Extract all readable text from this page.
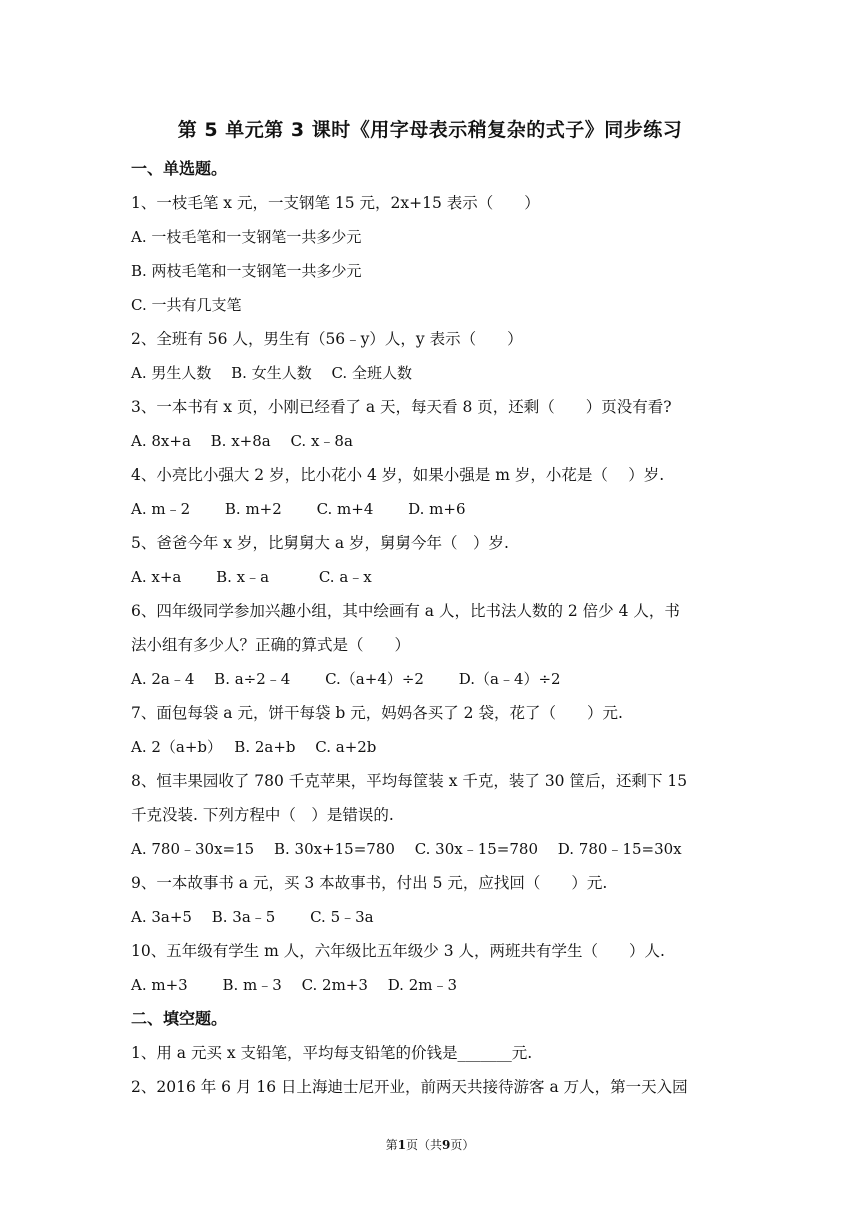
第 5 单元第 3 课时《用字母表示稍复杂的式子》同步练习
一、单选题。
1、一枝毛笔 x 元，一支钢笔 15 元，2x+15 表示（　　）
A. 一枝毛笔和一支钢笔一共多少元
B. 两枝毛笔和一支钢笔一共多少元
C. 一共有几支笔
2、全班有 56 人，男生有（56﹣y）人，y 表示（　　）
A. 男生人数　 B. 女生人数　 C. 全班人数
3、一本书有 x 页，小刚已经看了 a 天，每天看 8 页，还剩（　　）页没有看?
A. 8x+a　 B. x+8a　 C. x﹣8a
4、小亮比小强大 2 岁，比小花小 4 岁，如果小强是 m 岁，小花是（　 ）岁.
A. m﹣2　　 B. m+2　　 C. m+4　　 D. m+6
5、爸爸今年 x 岁，比舅舅大 a 岁，舅舅今年（　）岁.
A. x+a　　 B. x﹣a　　　 C. a﹣x
6、四年级同学参加兴趣小组，其中绘画有 a 人，比书法人数的 2 倍少 4 人，书
法小组有多少人？正确的算式是（　　）
A. 2a﹣4　 B. a÷2﹣4　　 C.（a+4）÷2　　 D.（a﹣4）÷2
7、面包每袋 a 元，饼干每袋 b 元，妈妈各买了 2 袋，花了（　　）元.
A. 2（a+b）　 B. 2a+b　 C. a+2b
8、恒丰果园收了 780 千克苹果，平均每筐装 x 千克，装了 30 筐后，还剩下 15
千克没装. 下列方程中（　）是错误的.
A. 780﹣30x=15　 B. 30x+15=780　 C. 30x﹣15=780　 D. 780﹣15=30x
9、一本故事书 a 元，买 3 本故事书，付出 5 元，应找回（　　）元.
A. 3a+5　 B. 3a﹣5　　 C. 5﹣3a
10、五年级有学生 m 人，六年级比五年级少 3 人，两班共有学生（　　）人.
A. m+3　　 B. m﹣3　 C. 2m+3　 D. 2m﹣3
二、填空题。
1、用 a 元买 x 支铅笔，平均每支铅笔的价钱是_______元.
2、2016 年 6 月 16 日上海迪士尼开业，前两天共接待游客 a 万人，第一天入园
第1页（共9页）
